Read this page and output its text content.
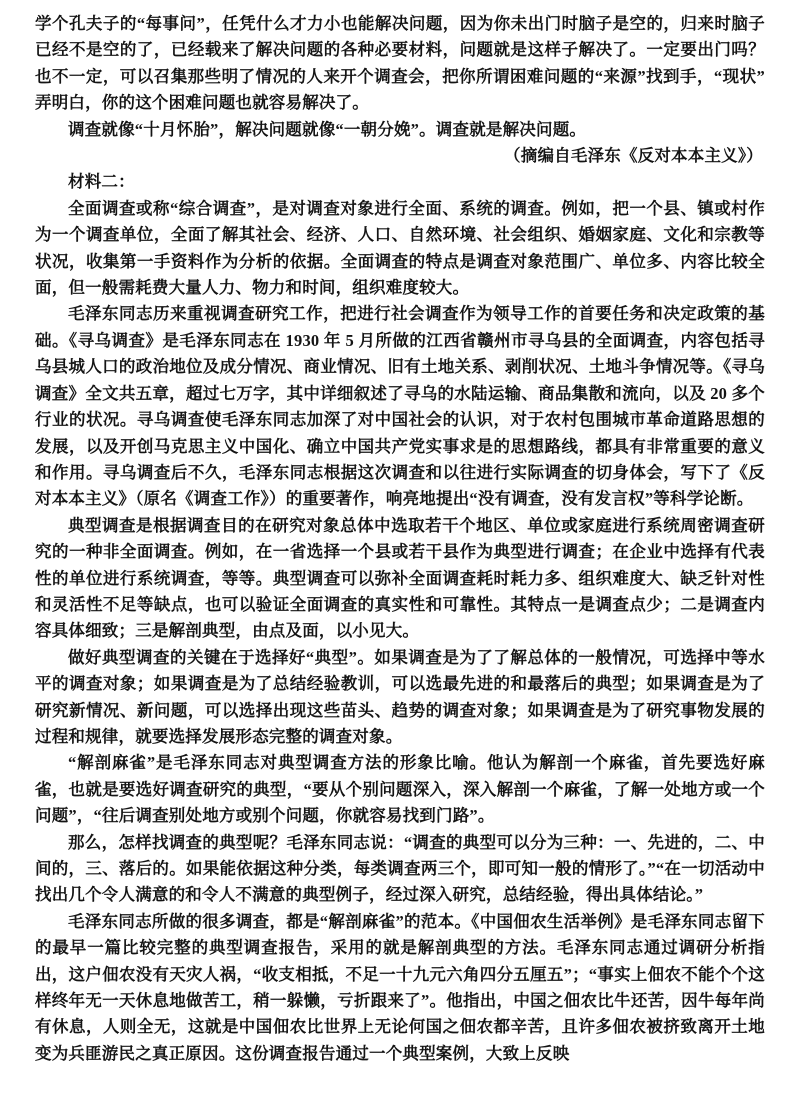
学个孔夫子的“每事问”，任凭什么才力小也能解决问题，因为你未出门时脑子是空的，归来时脑子已经不是空的了，已经载来了解决问题的各种必要材料，问题就是这样子解决了。一定要出门吗？也不一定，可以召集那些明了情况的人来开个调查会，把你所谓困难问题的“来源”找到手，“现状”弄明白，你的这个困难问题也就容易解决了。

调查就像“十月怀胎”，解决问题就像“一朝分娩”。调查就是解决问题。

（摘编自毛泽东《反对本本主义》）

材料二：

全面调查或称“综合调查”，是对调查对象进行全面、系统的调查。例如，把一个县、镇或村作为一个调查单位，全面了解其社会、经济、人口、自然环境、社会组织、婚姻家庭、文化和宗教等状况，收集第一手资料作为分析的依据。全面调查的特点是调查对象范围广、单位多、内容比较全面，但一般需耗费大量人力、物力和时间，组织难度较大。

毛泽东同志历来重视调查研究工作，把进行社会调查作为领导工作的首要任务和决定政策的基础。《寻乌调查》是毛泽东同志在 1930 年 5 月所做的江西省赣州市寻乌县的全面调查，内容包括寻乌县城人口的政治地位及成分情况、商业情况、旧有土地关系、剥削状况、土地斗争情况等。《寻乌调查》全文共五章，超过七万字，其中详细叙述了寻乌的水陆运输、商品集散和流向，以及 20 多个行业的状况。寻乌调查使毛泽东同志加深了对中国社会的认识，对于农村包围城市革命道路思想的发展，以及开创马克思主义中国化、确立中国共产党实事求是的思想路线，都具有非常重要的意义和作用。寻乌调查后不久，毛泽东同志根据这次调查和以往进行实际调查的切身体会，写下了《反对本本主义》（原名《调查工作》）的重要著作，响亮地提出“没有调查，没有发言权”等科学论断。

典型调查是根据调查目的在研究对象总体中选取若干个地区、单位或家庭进行系统周密调查研究的一种非全面调查。例如，在一省选择一个县或若干县作为典型进行调查；在企业中选择有代表性的单位进行系统调查，等等。典型调查可以弥补全面调查耗时耗力多、组织难度大、缺乏针对性和灵活性不足等缺点，也可以验证全面调查的真实性和可靠性。其特点一是调查点少；二是调查内容具体细致；三是解剖典型，由点及面，以小见大。

做好典型调查的关键在于选择好“典型”。如果调查是为了了解总体的一般情况，可选择中等水平的调查对象；如果调查是为了总结经验教训，可以选最先进的和最落后的典型；如果调查是为了研究新情况、新问题，可以选择出现这些苗头、趋势的调查对象；如果调查是为了研究事物发展的过程和规律，就要选择发展形态完整的调查对象。

“解剖麻雀”是毛泽东同志对典型调查方法的形象比喻。他认为解剖一个麻雀，首先要选好麻雀，也就是要选好调查研究的典型，“要从个别问题深入，深入解剖一个麻雀，了解一处地方或一个问题”，“往后调查别处地方或别个问题，你就容易找到门路”。

那么，怎样找调查的典型呢？毛泽东同志说：“调查的典型可以分为三种：一、先进的，二、中间的，三、落后的。如果能依据这种分类，每类调查两三个，即可知一般的情形了。”“在一切活动中找出几个令人满意的和令人不满意的典型例子，经过深入研究，总结经验，得出具体结论。”

毛泽东同志所做的很多调查，都是“解剖麻雀”的范本。《中国佃农生活举例》是毛泽东同志留下的最早一篇比较完整的典型调查报告，采用的就是解剖典型的方法。毛泽东同志通过调研分析指出，这户佃农没有天灾人祸，“收支相抵，不足一十九元六角四分五厘五”；“事实上佃农不能个个这样终年无一天休息地做苦工，稍一躲懒，亏折跟来了”。他指出，中国之佃农比牛还苦，因牛每年尚有休息，人则全无，这就是中国佃农比世界上无论何国之佃农都辛苦，且许多佃农被挤致离开土地变为兵匪游民之真正原因。这份调查报告通过一个典型案例，大致上反映
